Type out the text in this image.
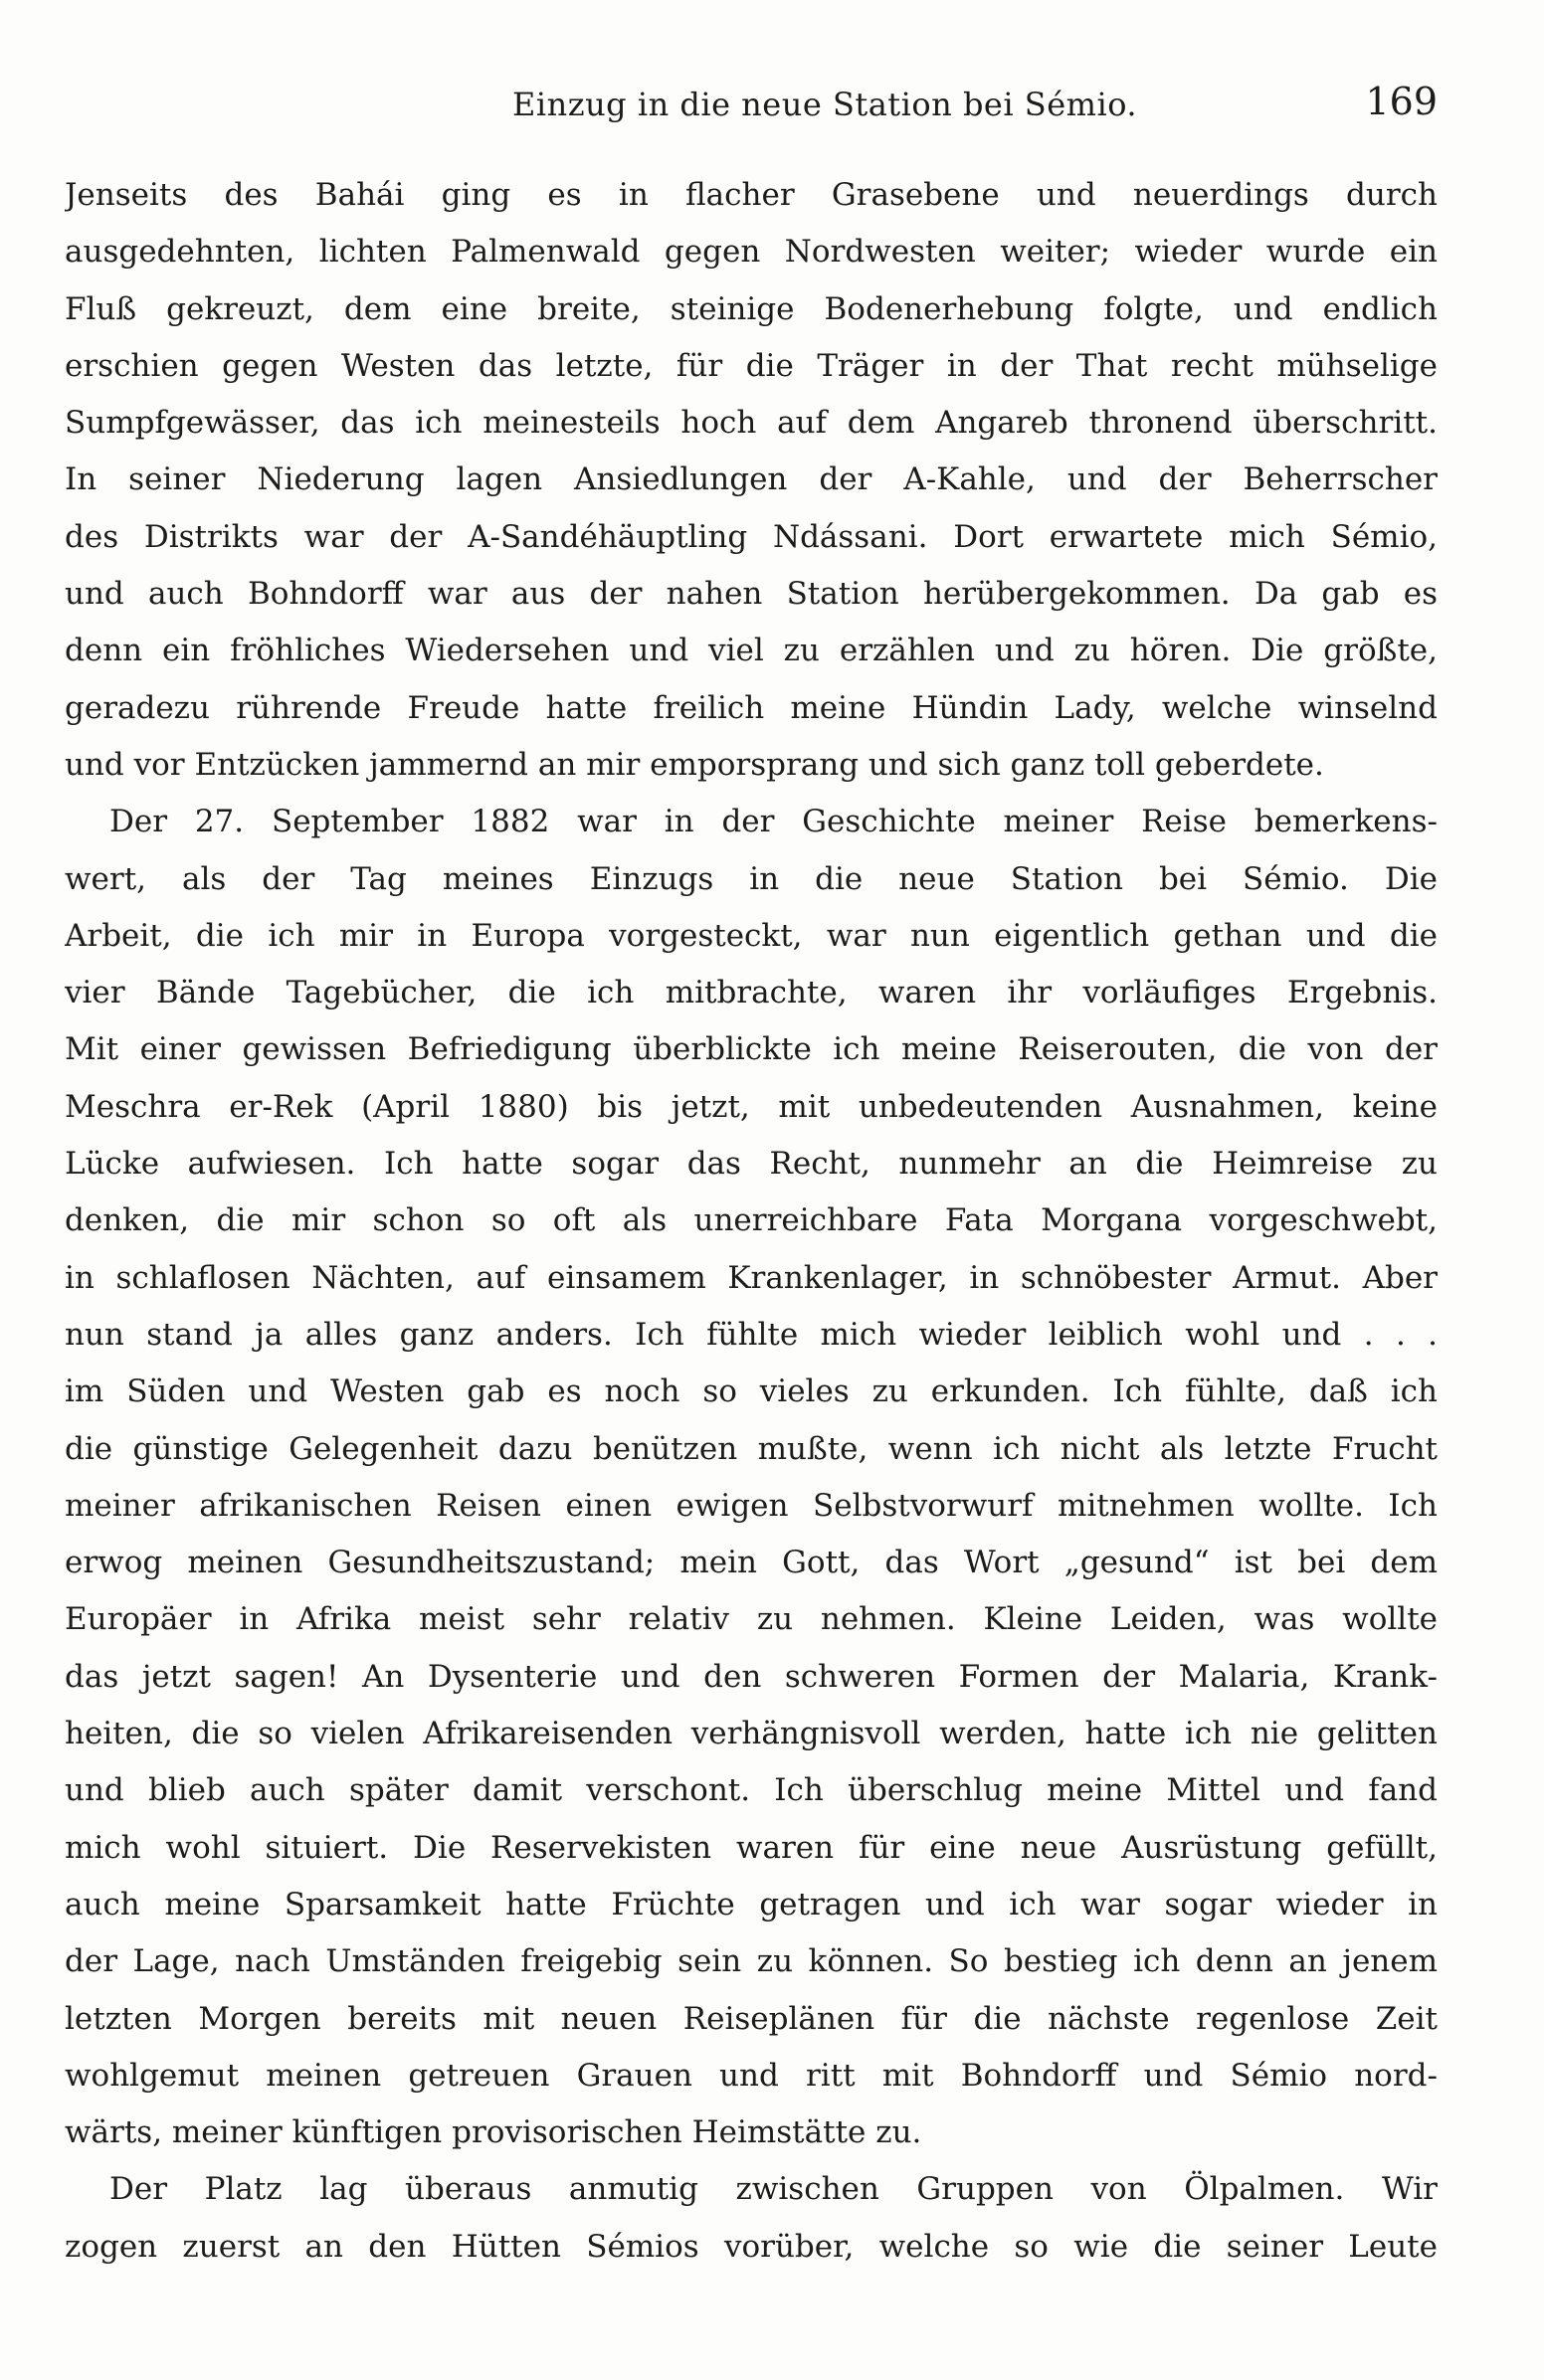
Einzug in die neue Station bei Sémio.	169
Jenseits des Bahái ging es in flacher Grasebene und neuerdings durch
ausgedehnten, lichten Palmenwald gegen Nordwesten weiter; wieder wurde ein
Fluß gekreuzt, dem eine breite, steinige Bodenerhebung folgte, und endlich
erschien gegen Westen das letzte, für die Träger in der That recht mühselige
Sumpfgewässer, das ich meinesteils hoch auf dem Angareb thronend überschritt.
In seiner Niederung lagen Ansiedlungen der A-Kahle, und der Beherrscher
des Distrikts war der A-Sandéhäuptling Ndássani. Dort erwartete mich Sémio,
und auch Bohndorff war aus der nahen Station herübergekommen. Da gab es
denn ein fröhliches Wiedersehen und viel zu erzählen und zu hören. Die größte,
geradezu rührende Freude hatte freilich meine Hündin Lady, welche winselnd
und vor Entzücken jammernd an mir emporsprang und sich ganz toll geberdete.
Der 27. September 1882 war in der Geschichte meiner Reise bemerkens-
wert, als der Tag meines Einzugs in die neue Station bei Sémio. Die
Arbeit, die ich mir in Europa vorgesteckt, war nun eigentlich gethan und die
vier Bände Tagebücher, die ich mitbrachte, waren ihr vorläufiges Ergebnis.
Mit einer gewissen Befriedigung überblickte ich meine Reiserouten, die von der
Meschra er-Rek (April 1880) bis jetzt, mit unbedeutenden Ausnahmen, keine
Lücke aufwiesen. Ich hatte sogar das Recht, nunmehr an die Heimreise zu
denken, die mir schon so oft als unerreichbare Fata Morgana vorgeschwebt,
in schlaflosen Nächten, auf einsamem Krankenlager, in schnöbester Armut. Aber
nun stand ja alles ganz anders. Ich fühlte mich wieder leiblich wohl und . . .
im Süden und Westen gab es noch so vieles zu erkunden. Ich fühlte, daß ich
die günstige Gelegenheit dazu benützen mußte, wenn ich nicht als letzte Frucht
meiner afrikanischen Reisen einen ewigen Selbstvorwurf mitnehmen wollte. Ich
erwog meinen Gesundheitszustand; mein Gott, das Wort „gesund“ ist bei dem
Europäer in Afrika meist sehr relativ zu nehmen. Kleine Leiden, was wollte
das jetzt sagen! An Dysenterie und den schweren Formen der Malaria, Krank-
heiten, die so vielen Afrikareisenden verhängnisvoll werden, hatte ich nie gelitten
und blieb auch später damit verschont. Ich überschlug meine Mittel und fand
mich wohl situiert. Die Reservekisten waren für eine neue Ausrüstung gefüllt,
auch meine Sparsamkeit hatte Früchte getragen und ich war sogar wieder in
der Lage, nach Umständen freigebig sein zu können. So bestieg ich denn an jenem
letzten Morgen bereits mit neuen Reiseplänen für die nächste regenlose Zeit
wohlgemut meinen getreuen Grauen und ritt mit Bohndorff und Sémio nord-
wärts, meiner künftigen provisorischen Heimstätte zu.
Der Platz lag überaus anmutig zwischen Gruppen von Ölpalmen. Wir
zogen zuerst an den Hütten Sémios vorüber, welche so wie die seiner Leute
